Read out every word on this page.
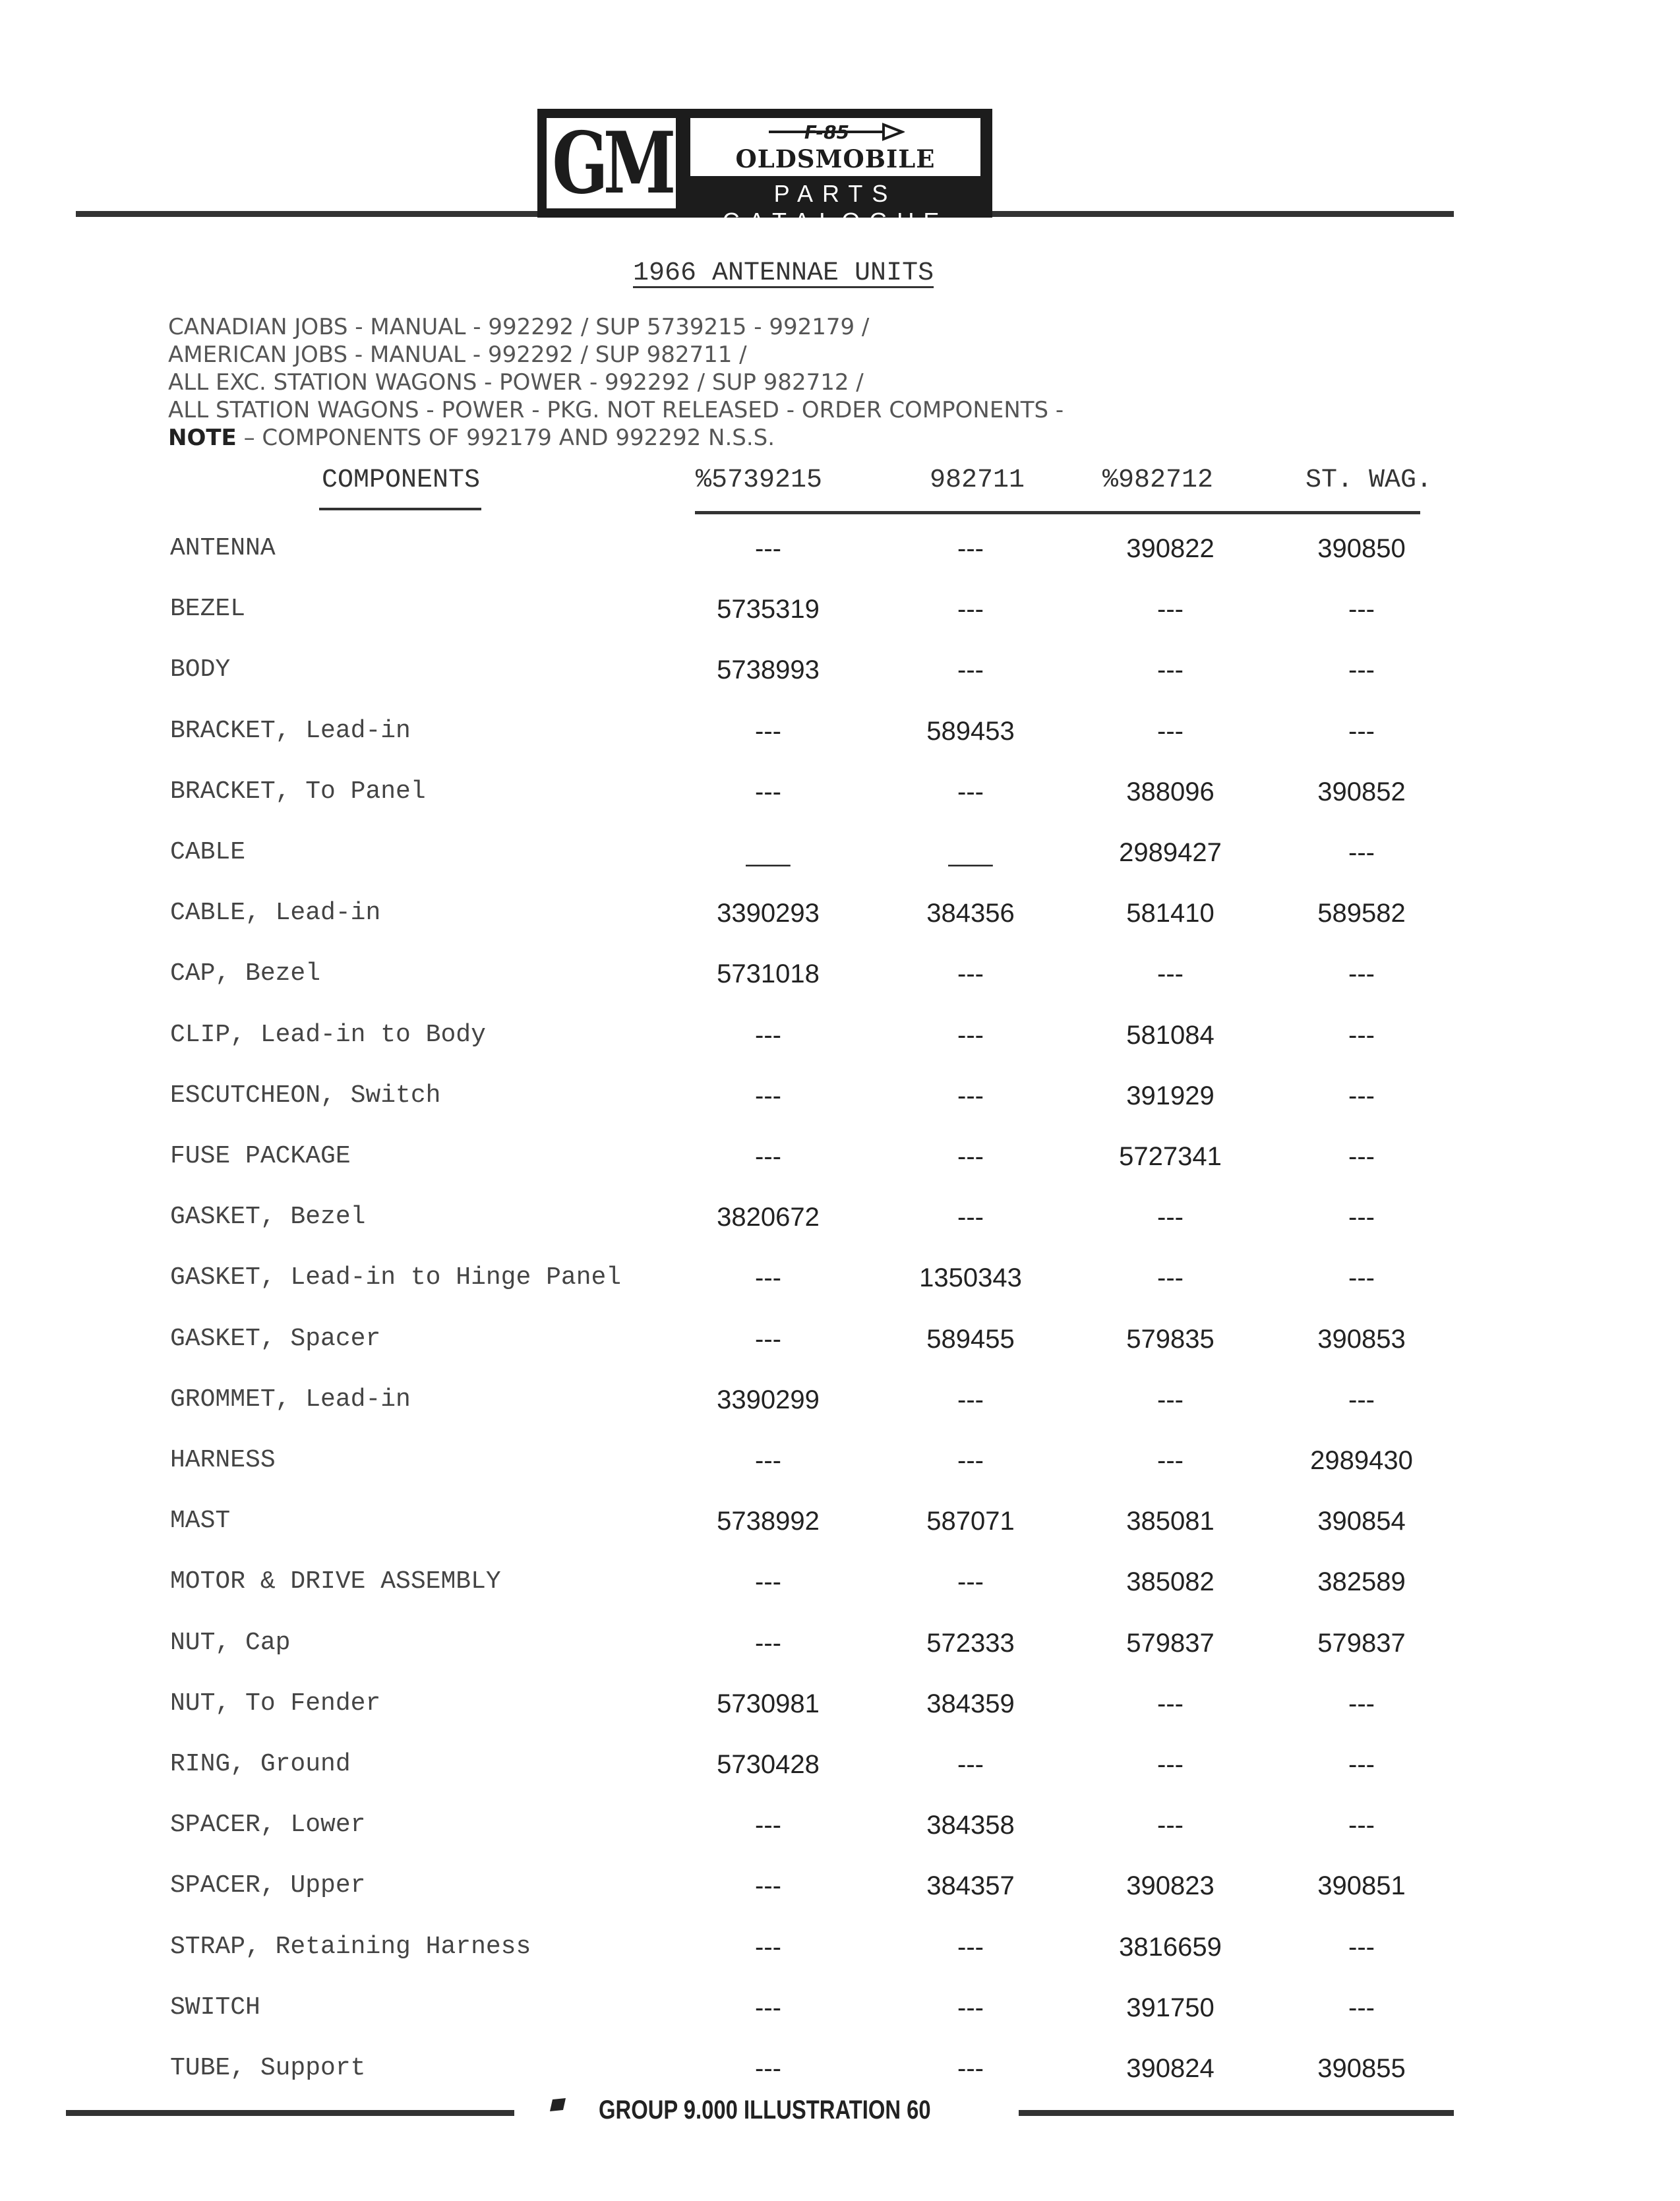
GM	F-85
OLDSMOBILE
PARTS CATALOGUE
1966 ANTENNAE UNITS
CANADIAN JOBS - MANUAL - 992292 / SUP 5739215 - 992179 /
AMERICAN JOBS - MANUAL - 992292 / SUP 982711 /
ALL EXC. STATION WAGONS - POWER - 992292 / SUP 982712 /
ALL STATION WAGONS - POWER - PKG. NOT RELEASED - ORDER COMPONENTS -
NOTE – COMPONENTS OF 992179 AND 992292 N.S.S.
COMPONENTS	%5739215	982711	%982712	ST. WAG.
ANTENNA	---	---	390822	390850
BEZEL	5735319	---	---	---
BODY	5738993	---	---	---
BRACKET, Lead-in	---	589453	---	---
BRACKET, To Panel	---	---	388096	390852
CABLE	___	___	2989427	---
CABLE, Lead-in	3390293	384356	581410	589582
CAP, Bezel	5731018	---	---	---
CLIP, Lead-in to Body	---	---	581084	---
ESCUTCHEON, Switch	---	---	391929	---
FUSE PACKAGE	---	---	5727341	---
GASKET, Bezel	3820672	---	---	---
GASKET, Lead-in to Hinge Panel	---	1350343	---	---
GASKET, Spacer	---	589455	579835	390853
GROMMET, Lead-in	3390299	---	---	---
HARNESS	---	---	---	2989430
MAST	5738992	587071	385081	390854
MOTOR & DRIVE ASSEMBLY	---	---	385082	382589
NUT, Cap	---	572333	579837	579837
NUT, To Fender	5730981	384359	---	---
RING, Ground	5730428	---	---	---
SPACER, Lower	---	384358	---	---
SPACER, Upper	---	384357	390823	390851
STRAP, Retaining Harness	---	---	3816659	---
SWITCH	---	---	391750	---
TUBE, Support	---	---	390824	390855
GROUP 9.000 ILLUSTRATION 60
